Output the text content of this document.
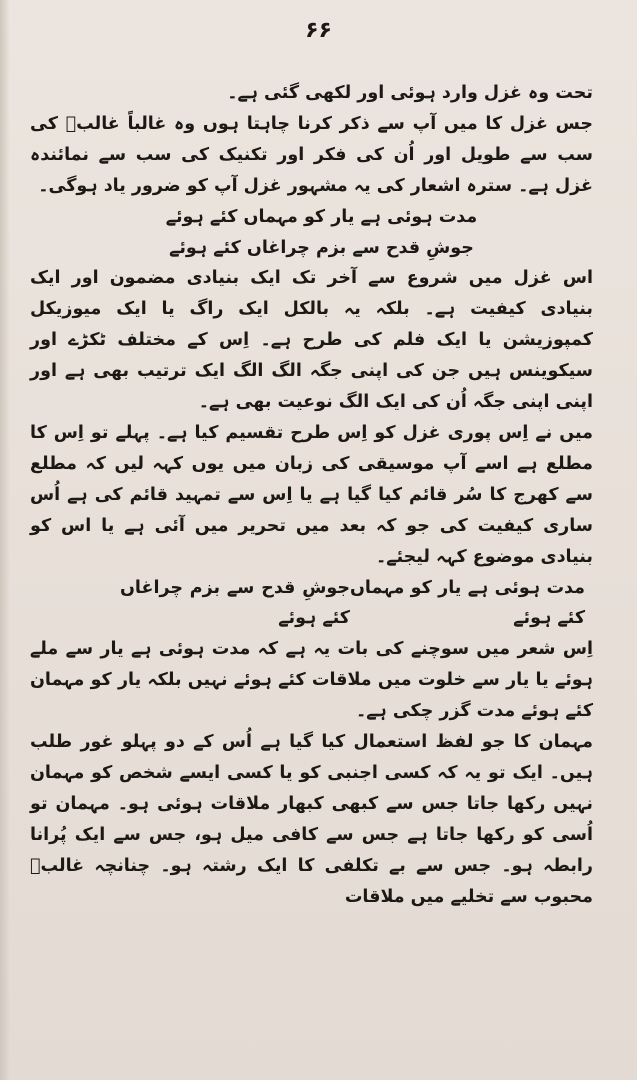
۶۶

تحت وہ غزل وارد ہوئی اور لکھی گئی ہے۔

جس غزل کا میں آپ سے ذکر کرنا چاہتا ہوں وہ غالباً غالبؔ کی سب سے طویل اور اُن کی فکر اور تکنیک کی سب سے نمائندہ غزل ہے۔ سترہ اشعار کی یہ مشہور غزل آپ کو ضرور یاد ہوگی۔

مدت ہوئی ہے یار کو مہماں کئے ہوئے

جوشِ قدح سے بزم چراغاں کئے ہوئے

اس غزل میں شروع سے آخر تک ایک بنیادی مضمون اور ایک بنیادی کیفیت ہے۔ بلکہ یہ بالکل ایک راگ یا ایک میوزیکل کمپوزیشن یا ایک فلم کی طرح ہے۔ اِس کے مختلف ٹکڑے اور سیکوینس ہیں جن کی اپنی جگہ الگ الگ ایک ترتیب بھی ہے اور اپنی اپنی جگہ اُن کی ایک الگ نوعیت بھی ہے۔

میں نے اِس پوری غزل کو اِس طرح تقسیم کیا ہے۔ پہلے تو اِس کا مطلع ہے اسے آپ موسیقی کی زبان میں یوں کہہ لیں کہ مطلع سے کھرج کا سُر قائم کیا گیا ہے یا اِس سے تمہید قائم کی ہے اُس ساری کیفیت کی جو کہ بعد میں تحریر میں آئی ہے یا اس کو بنیادی موضوع کہہ لیجئے۔

مدت ہوئی ہے یار کو مہماں کئے ہوئے
جوشِ قدح سے بزم چراغاں کئے ہوئے

اِس شعر میں سوچنے کی بات یہ ہے کہ مدت ہوئی ہے یار سے ملے ہوئے یا یار سے خلوت میں ملاقات کئے ہوئے نہیں بلکہ یار کو مہمان کئے ہوئے مدت گزر چکی ہے۔

مہمان کا جو لفظ استعمال کیا گیا ہے اُس کے دو پہلو غور طلب ہیں۔ ایک تو یہ کہ کسی اجنبی کو یا کسی ایسے شخص کو مہمان نہیں رکھا جاتا جس سے کبھی کبھار ملاقات ہوئی ہو۔ مہمان تو اُسی کو رکھا جاتا ہے جس سے کافی میل ہو، جس سے ایک پُرانا رابطہ ہو۔ جس سے بے تکلفی کا ایک رشتہ ہو۔ چنانچہ غالبؔ محبوب سے تخلیے میں ملاقات
